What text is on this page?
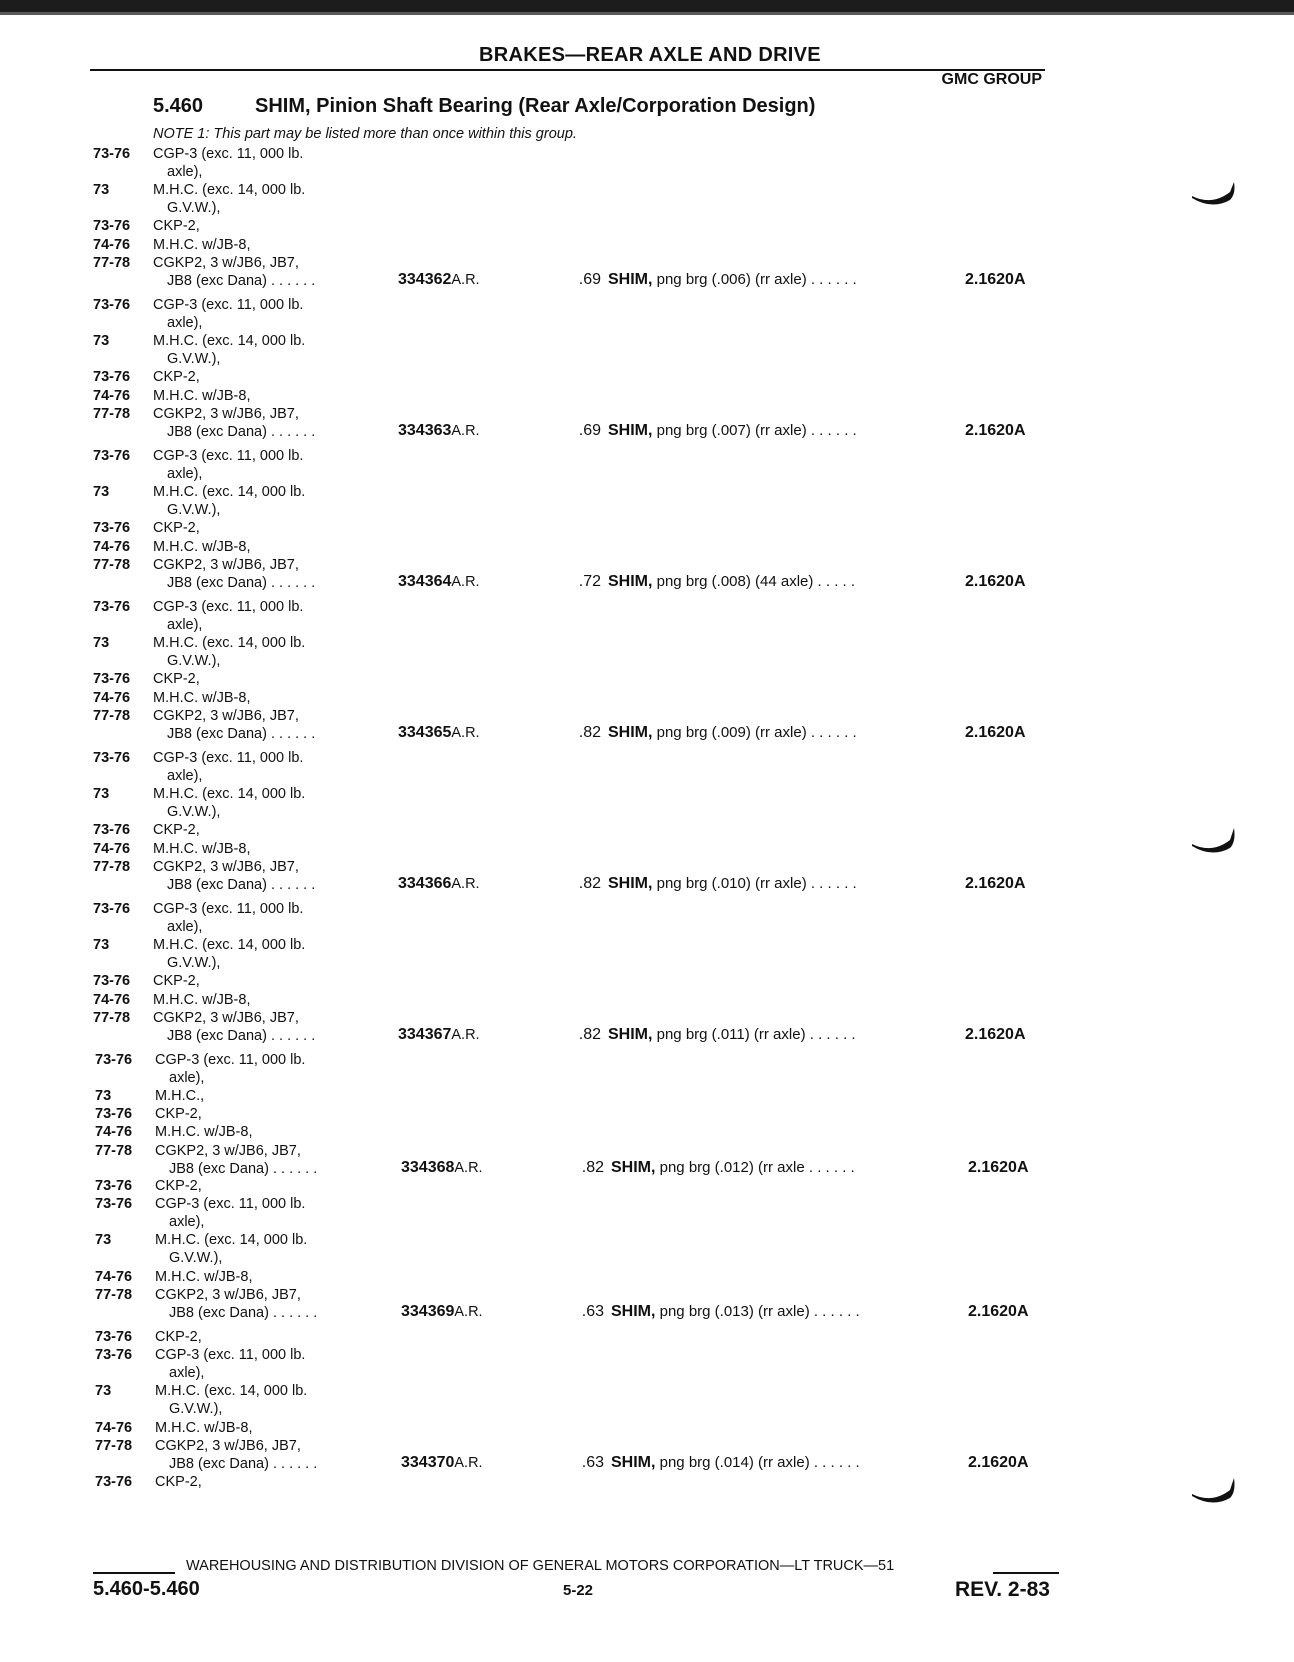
BRAKES—REAR AXLE AND DRIVE
GMC GROUP
5.460	SHIM, Pinion Shaft Bearing (Rear Axle/Corporation Design)
NOTE 1: This part may be listed more than once within this group.
73-76 CGP-3 (exc. 11, 000 lb.
axle),
73	M.H.C. (exc. 14, 000 lb.
G.V.W.),
73-76 CKP-2,
74-76 M.H.C. w/JB-8,
77-78 CGKP2, 3 w/JB6, JB7,
JB8 (exc Dana) . . . . . .	334362A.R.	.69 SHIM, png brg (.006) (rr axle) . . . . . .	2.1620A
73-76 CGP-3 (exc. 11, 000 lb.
axle),
73	M.H.C. (exc. 14, 000 lb.
G.V.W.),
73-76 CKP-2,
74-76 M.H.C. w/JB-8,
77-78 CGKP2, 3 w/JB6, JB7,
JB8 (exc Dana) . . . . . .	334363A.R.	.69 SHIM, png brg (.007) (rr axle) . . . . . .	2.1620A
73-76 CGP-3 (exc. 11, 000 lb.
axle),
73	M.H.C. (exc. 14, 000 lb.
G.V.W.),
73-76 CKP-2,
74-76 M.H.C. w/JB-8,
77-78 CGKP2, 3 w/JB6, JB7,
JB8 (exc Dana) . . . . . .	334364A.R.	.72 SHIM, png brg (.008) (44 axle) . . . . .	2.1620A
73-76 CGP-3 (exc. 11, 000 lb.
axle),
73	M.H.C. (exc. 14, 000 lb.
G.V.W.),
73-76 CKP-2,
74-76 M.H.C. w/JB-8,
77-78 CGKP2, 3 w/JB6, JB7,
JB8 (exc Dana) . . . . . .	334365A.R.	.82 SHIM, png brg (.009) (rr axle) . . . . . .	2.1620A
73-76 CGP-3 (exc. 11, 000 lb.
axle),
73	M.H.C. (exc. 14, 000 lb.
G.V.W.),
73-76 CKP-2,
74-76 M.H.C. w/JB-8,
77-78 CGKP2, 3 w/JB6, JB7,
JB8 (exc Dana) . . . . . .	334366A.R.	.82 SHIM, png brg (.010) (rr axle) . . . . . .	2.1620A
73-76 CGP-3 (exc. 11, 000 lb.
axle),
73	M.H.C. (exc. 14, 000 lb.
G.V.W.),
73-76 CKP-2,
74-76 M.H.C. w/JB-8,
77-78 CGKP2, 3 w/JB6, JB7,
JB8 (exc Dana) . . . . . .	334367A.R.	.82 SHIM, png brg (.011) (rr axle) . . . . . .	2.1620A
73-76 CGP-3 (exc. 11, 000 lb.
axle),
73	M.H.C.,
73-76 CKP-2,
74-76 M.H.C. w/JB-8,
77-78 CGKP2, 3 w/JB6, JB7,
JB8 (exc Dana) . . . . . .	334368A.R.	.82 SHIM, png brg (.012) (rr axle . . . . . .	2.1620A
73-76 CKP-2,
73-76 CGP-3 (exc. 11, 000 lb.
axle),
73	M.H.C. (exc. 14, 000 lb.
G.V.W.),
74-76 M.H.C. w/JB-8,
77-78 CGKP2, 3 w/JB6, JB7,
JB8 (exc Dana) . . . . . .	334369A.R.	.63 SHIM, png brg (.013) (rr axle) . . . . . .	2.1620A
73-76 CKP-2,
73-76 CGP-3 (exc. 11, 000 lb.
axle),
73	M.H.C. (exc. 14, 000 lb.
G.V.W.),
74-76 M.H.C. w/JB-8,
77-78 CGKP2, 3 w/JB6, JB7,
JB8 (exc Dana) . . . . . .	334370A.R.	.63 SHIM, png brg (.014) (rr axle) . . . . . .	2.1620A
73-76 CKP-2,
WAREHOUSING AND DISTRIBUTION DIVISION OF GENERAL MOTORS CORPORATION—LT TRUCK—51
5.460-5.460	5-22	REV. 2-83
